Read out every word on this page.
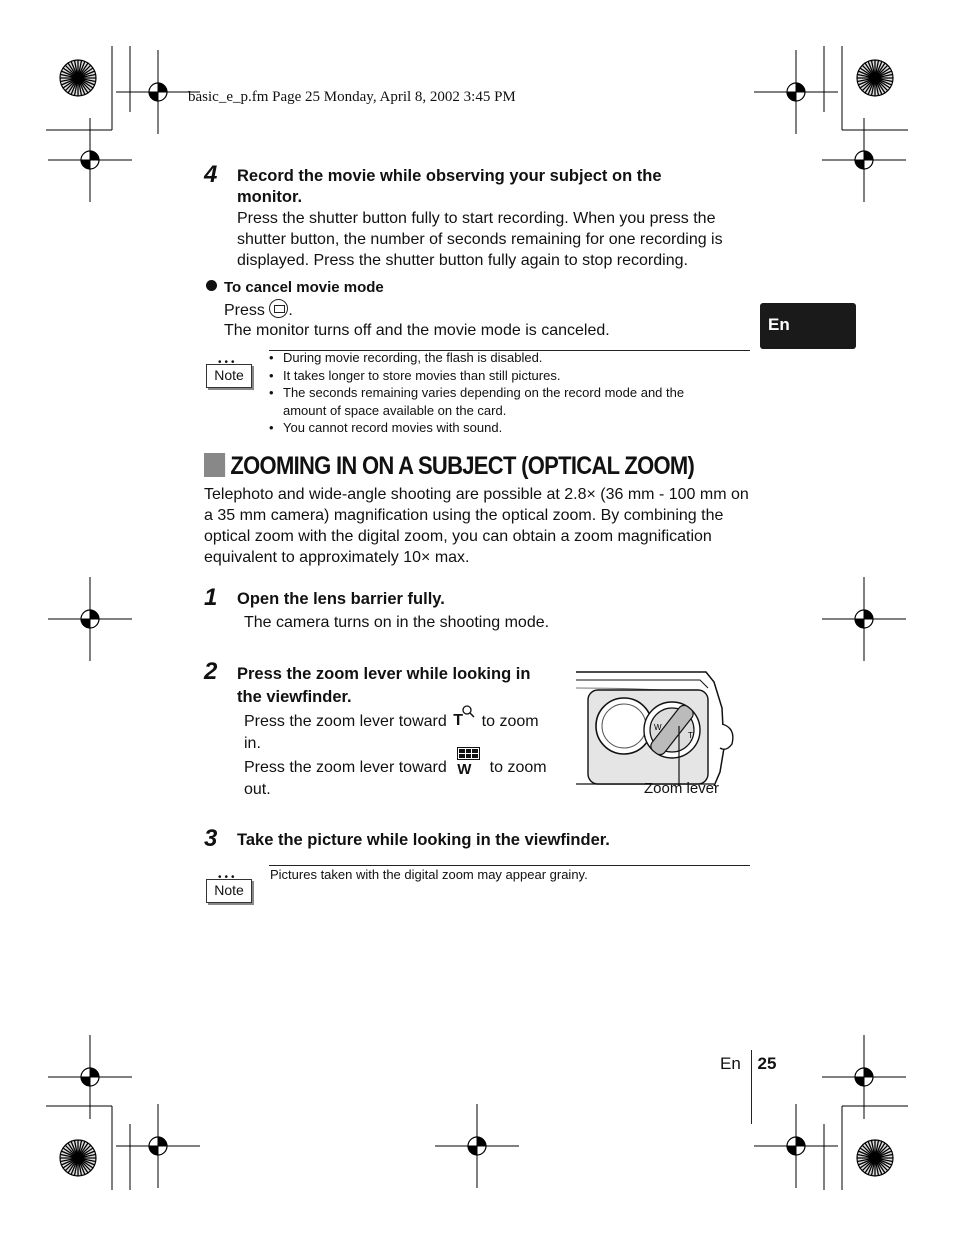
basic_e_p.fm Page 25 Monday, April 8, 2002 3:45 PM
En
4 Record the movie while observing your subject on the
monitor.
Press the shutter button fully to start recording. When you press the
shutter button, the number of seconds remaining for one recording is
displayed. Press the shutter button fully again to stop recording.
To cancel movie mode
Press .
The monitor turns off and the movie mode is canceled.
•••
Note
• During movie recording, the flash is disabled.
• It takes longer to store movies than still pictures.
• The seconds remaining varies depending on the record mode and the
amount of space available on the card.
• You cannot record movies with sound.
ZOOMING IN ON A SUBJECT (OPTICAL ZOOM)
Telephoto and wide-angle shooting are possible at 2.8× (36 mm - 100 mm on
a 35 mm camera) magnification using the optical zoom. By combining the
optical zoom with the digital zoom, you can obtain a zoom magnification
equivalent to approximately 10× max.
1 Open the lens barrier fully.
The camera turns on in the shooting mode.
2 Press the zoom lever while looking in
the viewfinder.
Press the zoom lever toward T to zoom
in.
Press the zoom lever toward W to zoom
out.
W
T
Zoom lever
3 Take the picture while looking in the viewfinder.
•••
Note
Pictures taken with the digital zoom may appear grainy.
En 25
